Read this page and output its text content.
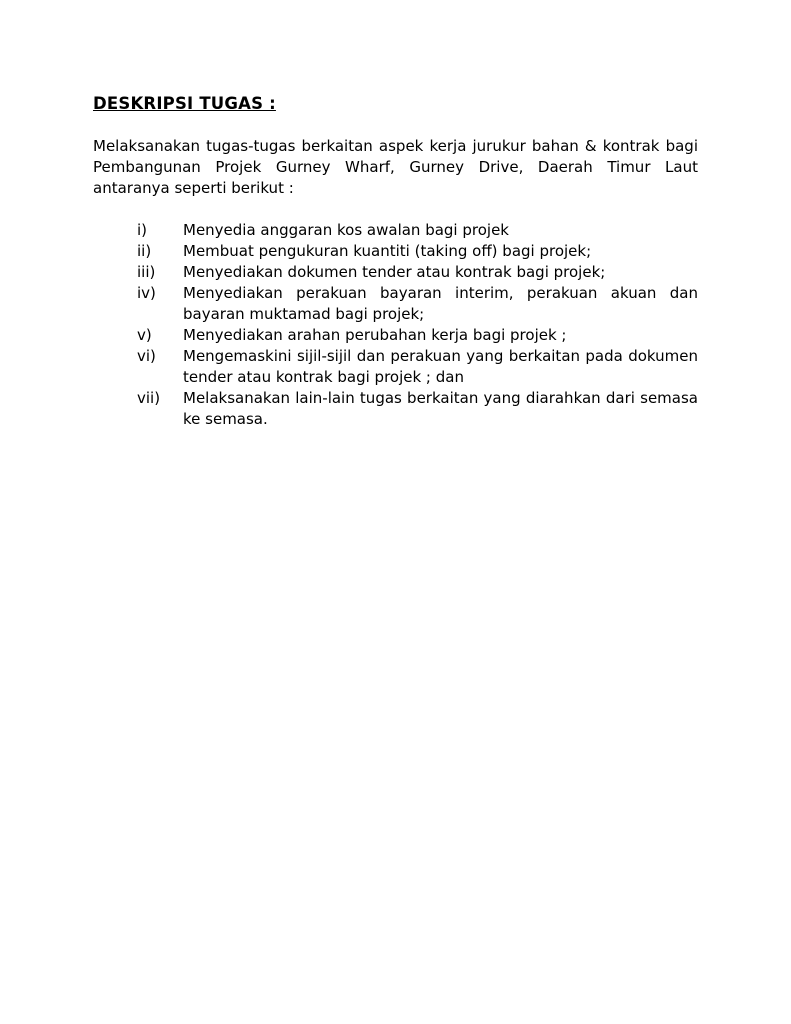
DESKRIPSI TUGAS :

Melaksanakan tugas-tugas berkaitan aspek kerja jurukur bahan & kontrak bagi Pembangunan Projek Gurney Wharf, Gurney Drive, Daerah Timur Laut antaranya seperti berikut :

i)	Menyedia anggaran kos awalan bagi projek
ii)	Membuat pengukuran kuantiti (taking off) bagi projek;
iii)	Menyediakan dokumen tender atau kontrak bagi projek;
iv)	Menyediakan perakuan bayaran interim, perakuan akuan dan bayaran muktamad bagi projek;
v)	Menyediakan arahan perubahan kerja bagi projek ;
vi)	Mengemaskini sijil-sijil dan perakuan yang berkaitan pada dokumen tender atau kontrak bagi projek ; dan
vii)	Melaksanakan lain-lain tugas berkaitan yang diarahkan dari semasa ke semasa.
